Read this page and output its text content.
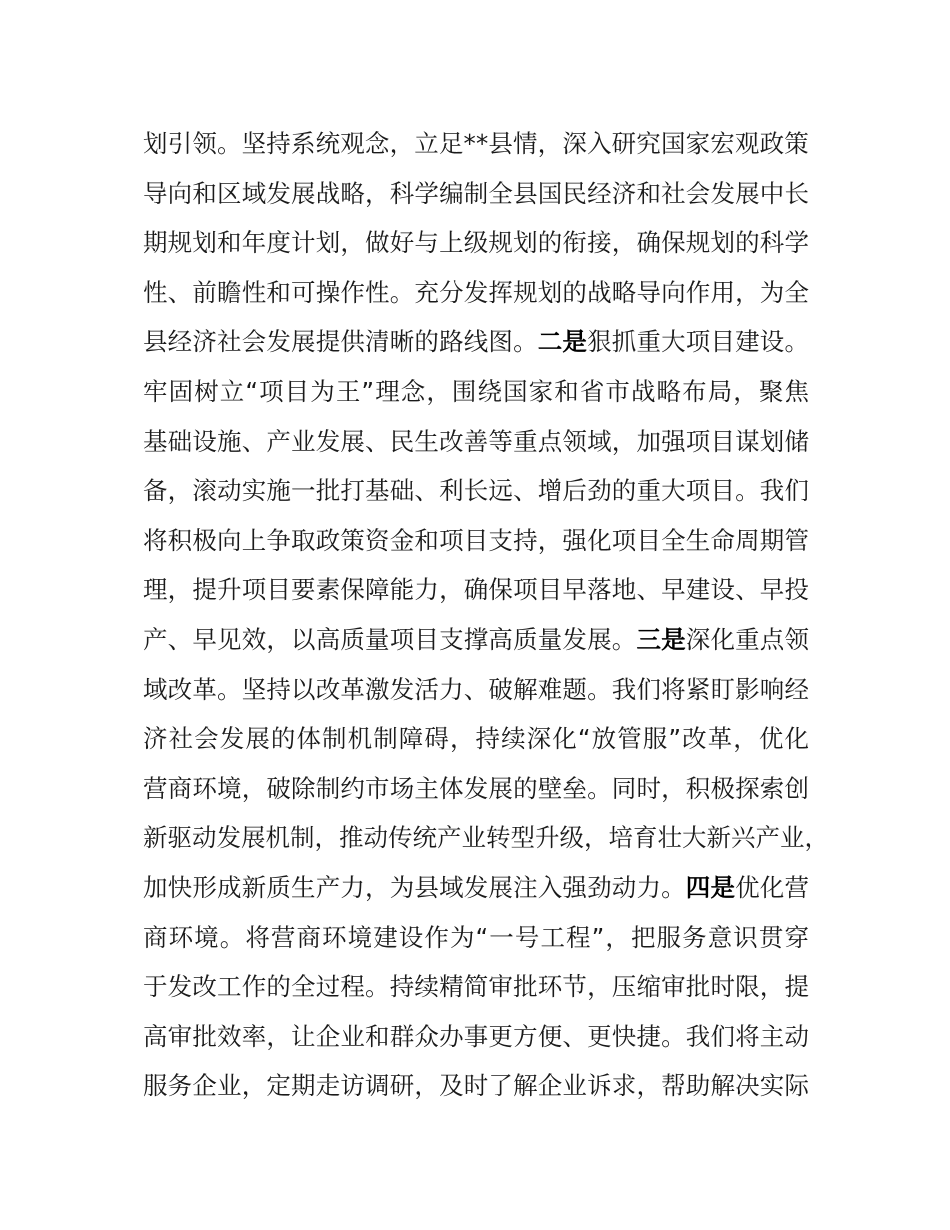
划 引 领 。 坚 持 系 统 观 念 ， 立 足 * * 县 情 ， 深 入 研 究 国 家 宏 观 政 策
导 向 和 区 域 发 展 战 略 ， 科 学 编 制 全 县 国 民 经 济 和 社 会 发 展 中 长
期 规 划 和 年 度 计 划 ， 做 好 与 上 级 规 划 的 衔 接 ， 确 保 规 划 的 科 学
性 、 前 瞻 性 和 可 操 作 性 。 充 分 发 挥 规 划 的 战 略 导 向 作 用 ， 为 全
县 经 济 社 会 发 展 提 供 清 晰 的 路 线 图 。 二 是 狠 抓 重 大 项 目 建 设 。
牢 固 树 立 “ 项 目 为 王 ” 理 念 ， 围 绕 国 家 和 省 市 战 略 布 局 ， 聚 焦
基 础 设 施 、 产 业 发 展 、 民 生 改 善 等 重 点 领 域 ， 加 强 项 目 谋 划 储
备 ， 滚 动 实 施 一 批 打 基 础 、 利 长 远 、 增 后 劲 的 重 大 项 目 。 我 们
将 积 极 向 上 争 取 政 策 资 金 和 项 目 支 持 ， 强 化 项 目 全 生 命 周 期 管
理 ， 提 升 项 目 要 素 保 障 能 力 ， 确 保 项 目 早 落 地 、 早 建 设 、 早 投
产 、 早 见 效 ， 以 高 质 量 项 目 支 撑 高 质 量 发 展 。 三 是 深 化 重 点 领
域 改 革 。 坚 持 以 改 革 激 发 活 力 、 破 解 难 题 。 我 们 将 紧 盯 影 响 经
济 社 会 发 展 的 体 制 机 制 障 碍 ， 持 续 深 化 “ 放 管 服 ” 改 革 ， 优 化
营 商 环 境 ， 破 除 制 约 市 场 主 体 发 展 的 壁 垒 。 同 时 ， 积 极 探 索 创
新 驱 动 发 展 机 制 ， 推 动 传 统 产 业 转 型 升 级 ， 培 育 壮 大 新 兴 产 业 ，
加 快 形 成 新 质 生 产 力 ， 为 县 域 发 展 注 入 强 劲 动 力 。 四 是 优 化 营
商 环 境 。 将 营 商 环 境 建 设 作 为 “ 一 号 工 程 ” ， 把 服 务 意 识 贯 穿
于 发 改 工 作 的 全 过 程 。 持 续 精 简 审 批 环 节 ， 压 缩 审 批 时 限 ， 提
高 审 批 效 率 ， 让 企 业 和 群 众 办 事 更 方 便 、 更 快 捷 。 我 们 将 主 动
服 务 企 业 ， 定 期 走 访 调 研 ， 及 时 了 解 企 业 诉 求 ， 帮 助 解 决 实 际
